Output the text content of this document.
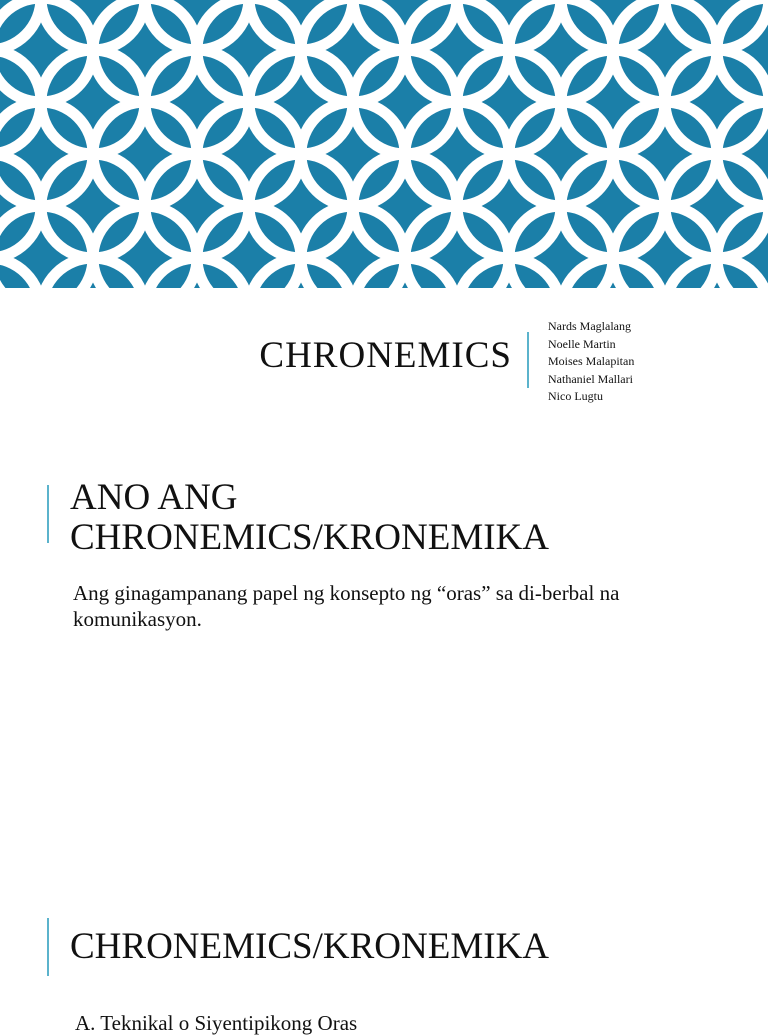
CHRONEMICS
Nards Maglalang
Noelle Martin
Moises Malapitan
Nathaniel Mallari
Nico Lugtu
ANO ANG
CHRONEMICS/KRONEMIKA

Ang ginagampanang papel ng konsepto ng “oras” sa di-berbal na komunikasyon.

CHRONEMICS/KRONEMIKA

A. Teknikal o Siyentipikong Oras
